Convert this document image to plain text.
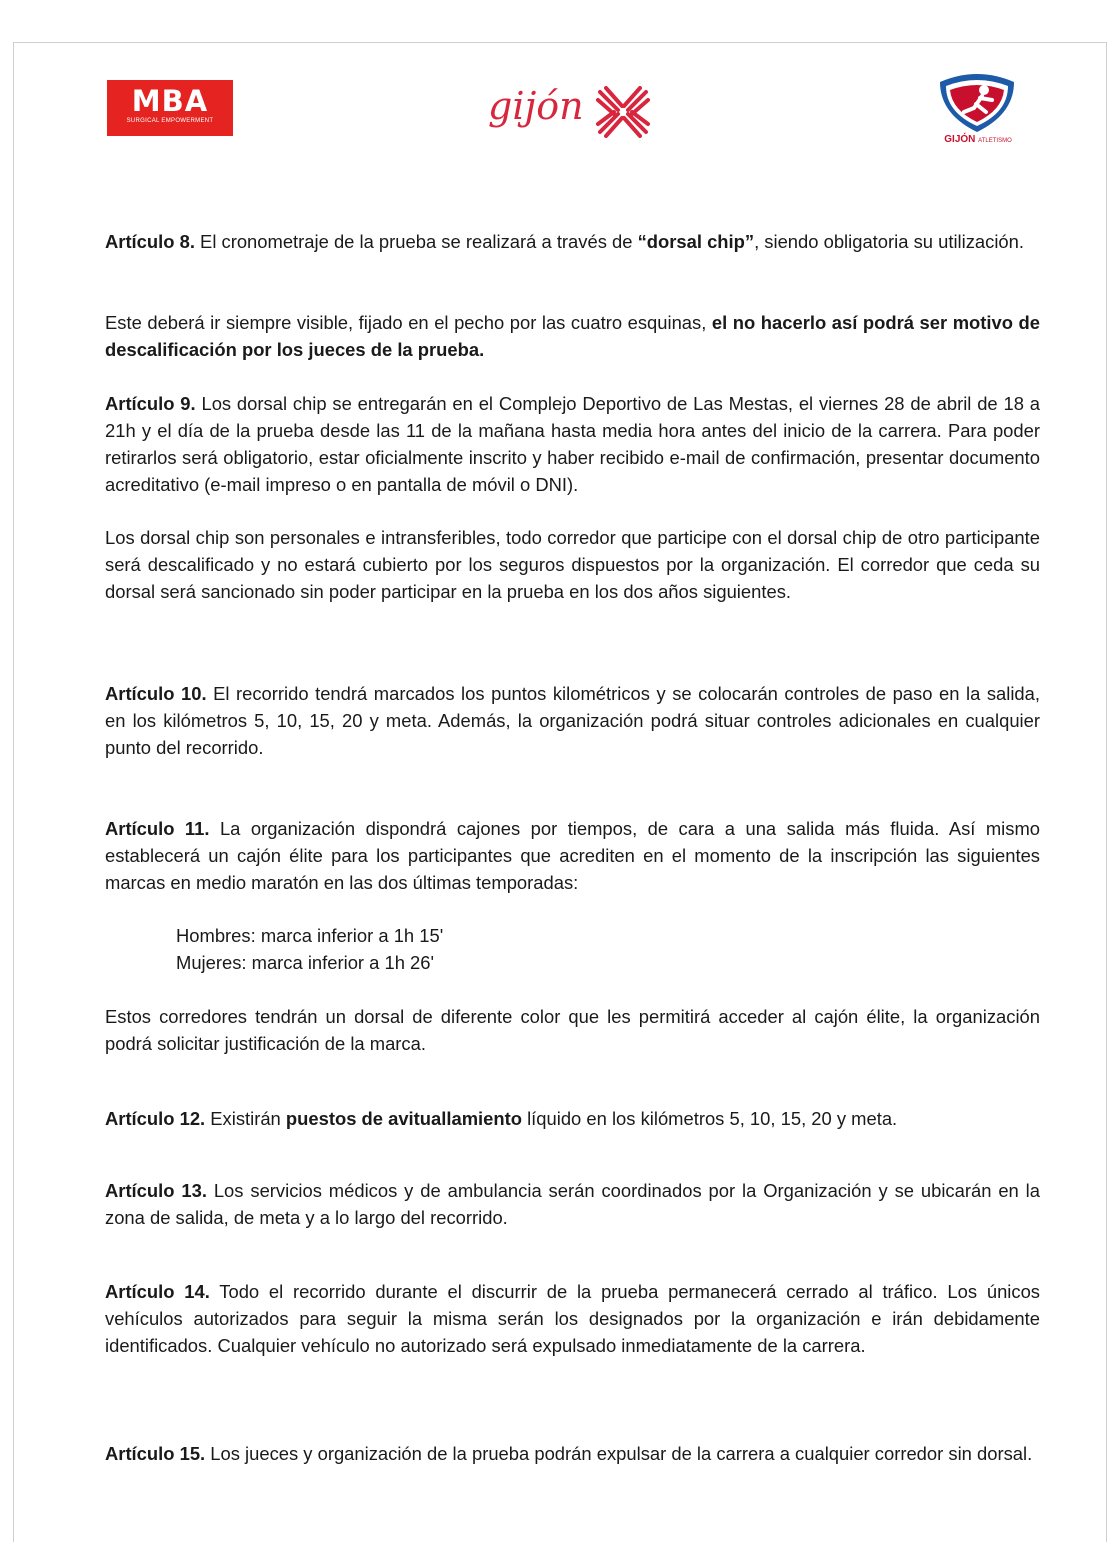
MBA
SURGICAL EMPOWERMENT	gijón
GIJÓN ATLETISMO

Artículo 8. El cronometraje de la prueba se realizará a través de “dorsal chip”, siendo obligatoria su utilización.

Este deberá ir siempre visible, fijado en el pecho por las cuatro esquinas, el no hacerlo así podrá ser motivo de descalificación por los jueces de la prueba.

Artículo 9. Los dorsal chip se entregarán en el Complejo Deportivo de Las Mestas, el viernes 28 de abril de 18 a 21h y el día de la prueba desde las 11 de la mañana hasta media hora antes del inicio de la carrera. Para poder retirarlos será obligatorio, estar oficialmente inscrito y haber recibido e-mail de confirmación, presentar documento acreditativo (e-mail impreso o en pantalla de móvil o DNI).

Los dorsal chip son personales e intransferibles, todo corredor que participe con el dorsal chip de otro participante será descalificado y no estará cubierto por los seguros dispuestos por la organización. El corredor que ceda su dorsal será sancionado sin poder participar en la prueba en los dos años siguientes.

Artículo 10. El recorrido tendrá marcados los puntos kilométricos y se colocarán controles de paso en la salida, en los kilómetros 5, 10, 15, 20 y meta. Además, la organización podrá situar controles adicionales en cualquier punto del recorrido.

Artículo 11. La organización dispondrá cajones por tiempos, de cara a una salida más fluida. Así mismo establecerá un cajón élite para los participantes que acrediten en el momento de la inscripción las siguientes marcas en medio maratón en las dos últimas temporadas:

Hombres: marca inferior a 1h 15'

Mujeres: marca inferior a 1h 26'

Estos corredores tendrán un dorsal de diferente color que les permitirá acceder al cajón élite, la organización podrá solicitar justificación de la marca.

Artículo 12. Existirán puestos de avituallamiento líquido en los kilómetros 5, 10, 15, 20 y meta.

Artículo 13. Los servicios médicos y de ambulancia serán coordinados por la Organización y se ubicarán en la zona de salida, de meta y a lo largo del recorrido.

Artículo 14. Todo el recorrido durante el discurrir de la prueba permanecerá cerrado al tráfico. Los únicos vehículos autorizados para seguir la misma serán los designados por la organización e irán debidamente identificados. Cualquier vehículo no autorizado será expulsado inmediatamente de la carrera.

Artículo 15. Los jueces y organización de la prueba podrán expulsar de la carrera a cualquier corredor sin dorsal.
